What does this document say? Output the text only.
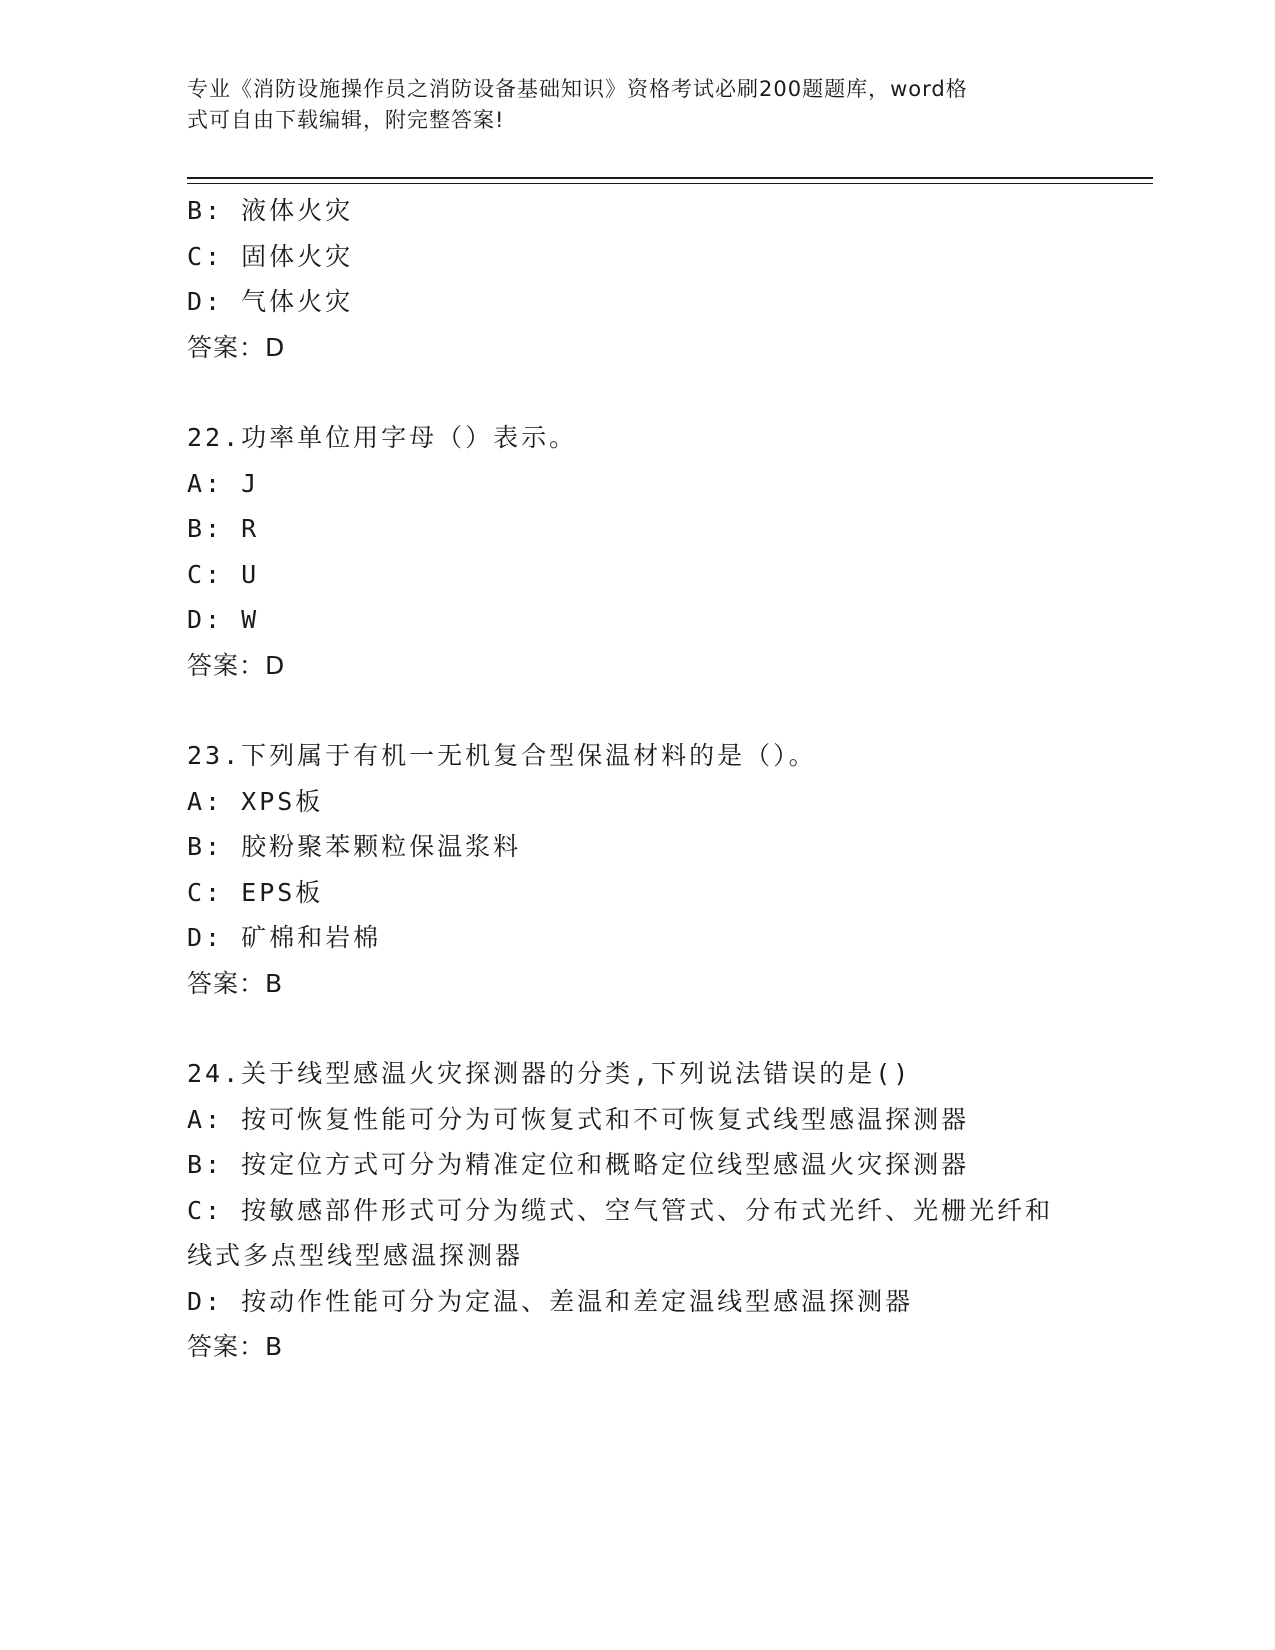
专业《消防设施操作员之消防设备基础知识》资格考试必刷200题题库，word格
式可自由下载编辑，附完整答案!
B: 液体火灾
C: 固体火灾
D: 气体火灾
答案：D
22.功率单位用字母（）表示。
A: J
B: R
C: U
D: W
答案：D
23.下列属于有机一无机复合型保温材料的是（）。
A: XPS板
B: 胶粉聚苯颗粒保温浆料
C: EPS板
D: 矿棉和岩棉
答案：B
24.关于线型感温火灾探测器的分类,下列说法错误的是()
A: 按可恢复性能可分为可恢复式和不可恢复式线型感温探测器
B: 按定位方式可分为精准定位和概略定位线型感温火灾探测器
C: 按敏感部件形式可分为缆式、空气管式、分布式光纤、光栅光纤和
线式多点型线型感温探测器
D: 按动作性能可分为定温、差温和差定温线型感温探测器
答案：B
